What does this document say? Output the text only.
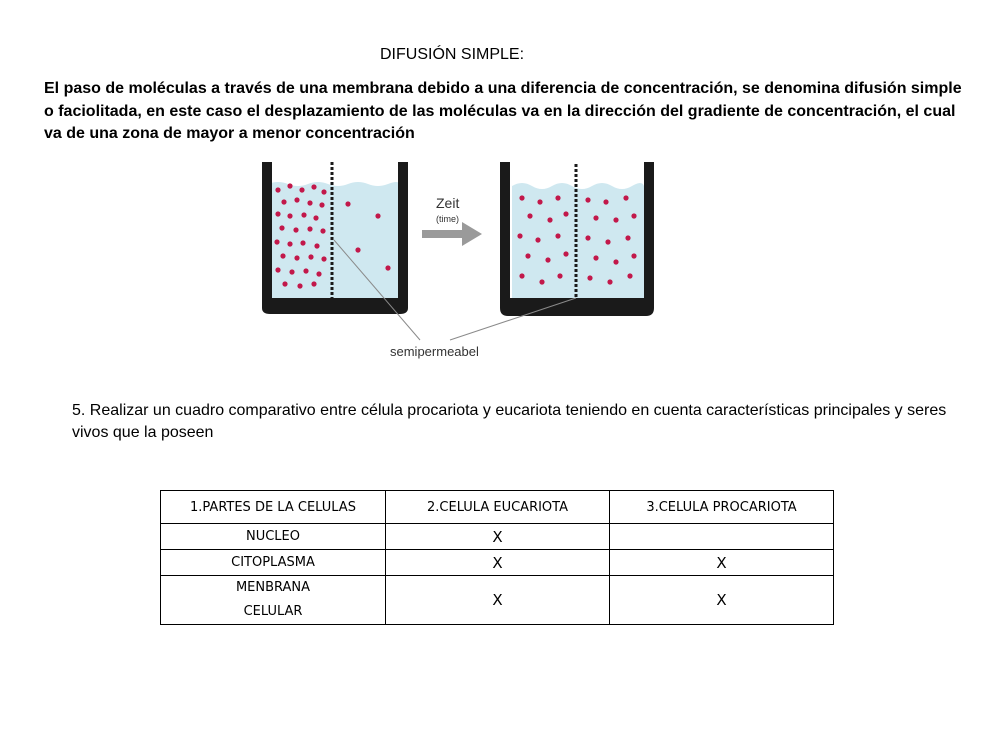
DIFUSIÓN SIMPLE:
El paso de moléculas a través de una membrana debido a una diferencia de concentración, se denomina difusión simple o faciolitada, en este caso el desplazamiento de las moléculas va en la dirección del gradiente de concentración, el cual va de una zona de mayor a menor concentración
Zeit
(time)
semipermeabel
5. Realizar un cuadro comparativo entre célula procariota y eucariota teniendo en cuenta características principales y seres vivos que la poseen
1.PARTES DE LA CELULAS	2.CELULA EUCARIOTA	3.CELULA PROCARIOTA
NUCLEO	X	
CITOPLASMA	X	X

MENBRANA
CELULAR	X	X
